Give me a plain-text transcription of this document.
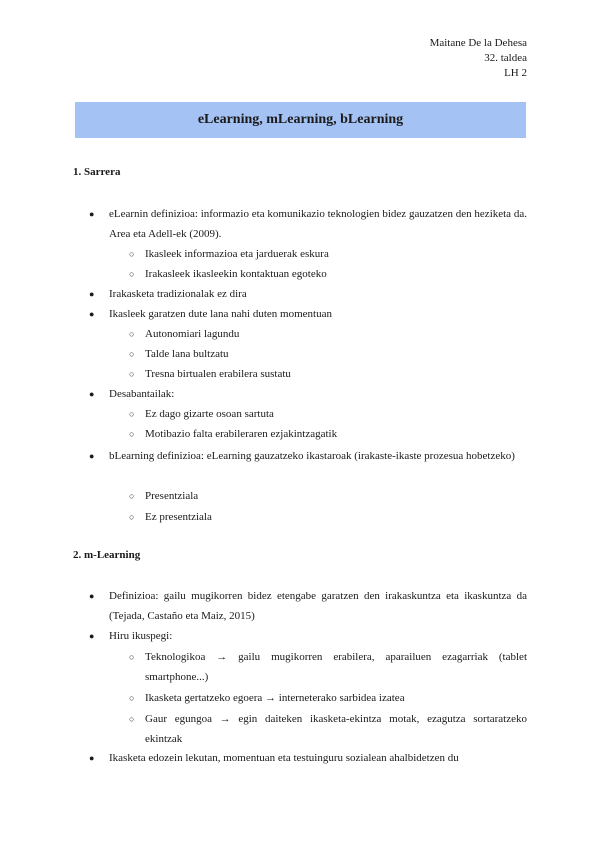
Maitane De la Dehesa
32. taldea
LH 2
eLearning, mLearning, bLearning
1. Sarrera
● eLearnin definizioa: informazio eta komunikazio teknologien bidez gauzatzen den heziketa da. Area eta Adell-ek (2009).
○ Ikasleek informazioa eta jarduerak eskura
○ Irakasleek ikasleekin kontaktuan egoteko
● Irakasketa tradizionalak ez dira
● Ikasleek garatzen dute lana nahi duten momentuan
○ Autonomiari lagundu
○ Talde lana bultzatu
○ Tresna birtualen erabilera sustatu
● Desabantailak:
○ Ez dago gizarte osoan sartuta
○ Motibazio falta erabileraren ezjakintzagatik
● bLearning definizioa: eLearning gauzatzeko ikastaroak (irakaste-ikaste prozesua hobetzeko)
○ Presentziala
○ Ez presentziala
2. m-Learning
● Definizioa: gailu mugikorren bidez etengabe garatzen den irakaskuntza eta ikaskuntza da (Tejada, Castaño eta Maiz, 2015)
● Hiru ikuspegi:
○ Teknologikoa → gailu mugikorren erabilera, aparailuen ezagarriak (tablet smartphone...)
○ Ikasketa gertatzeko egoera → interneterako sarbidea izatea
○ Gaur egungoa → egin daiteken ikasketa-ekintza motak, ezagutza sortaratzeko ekintzak
● Ikasketa edozein lekutan, momentuan eta testuinguru sozialean ahalbidetzen du
